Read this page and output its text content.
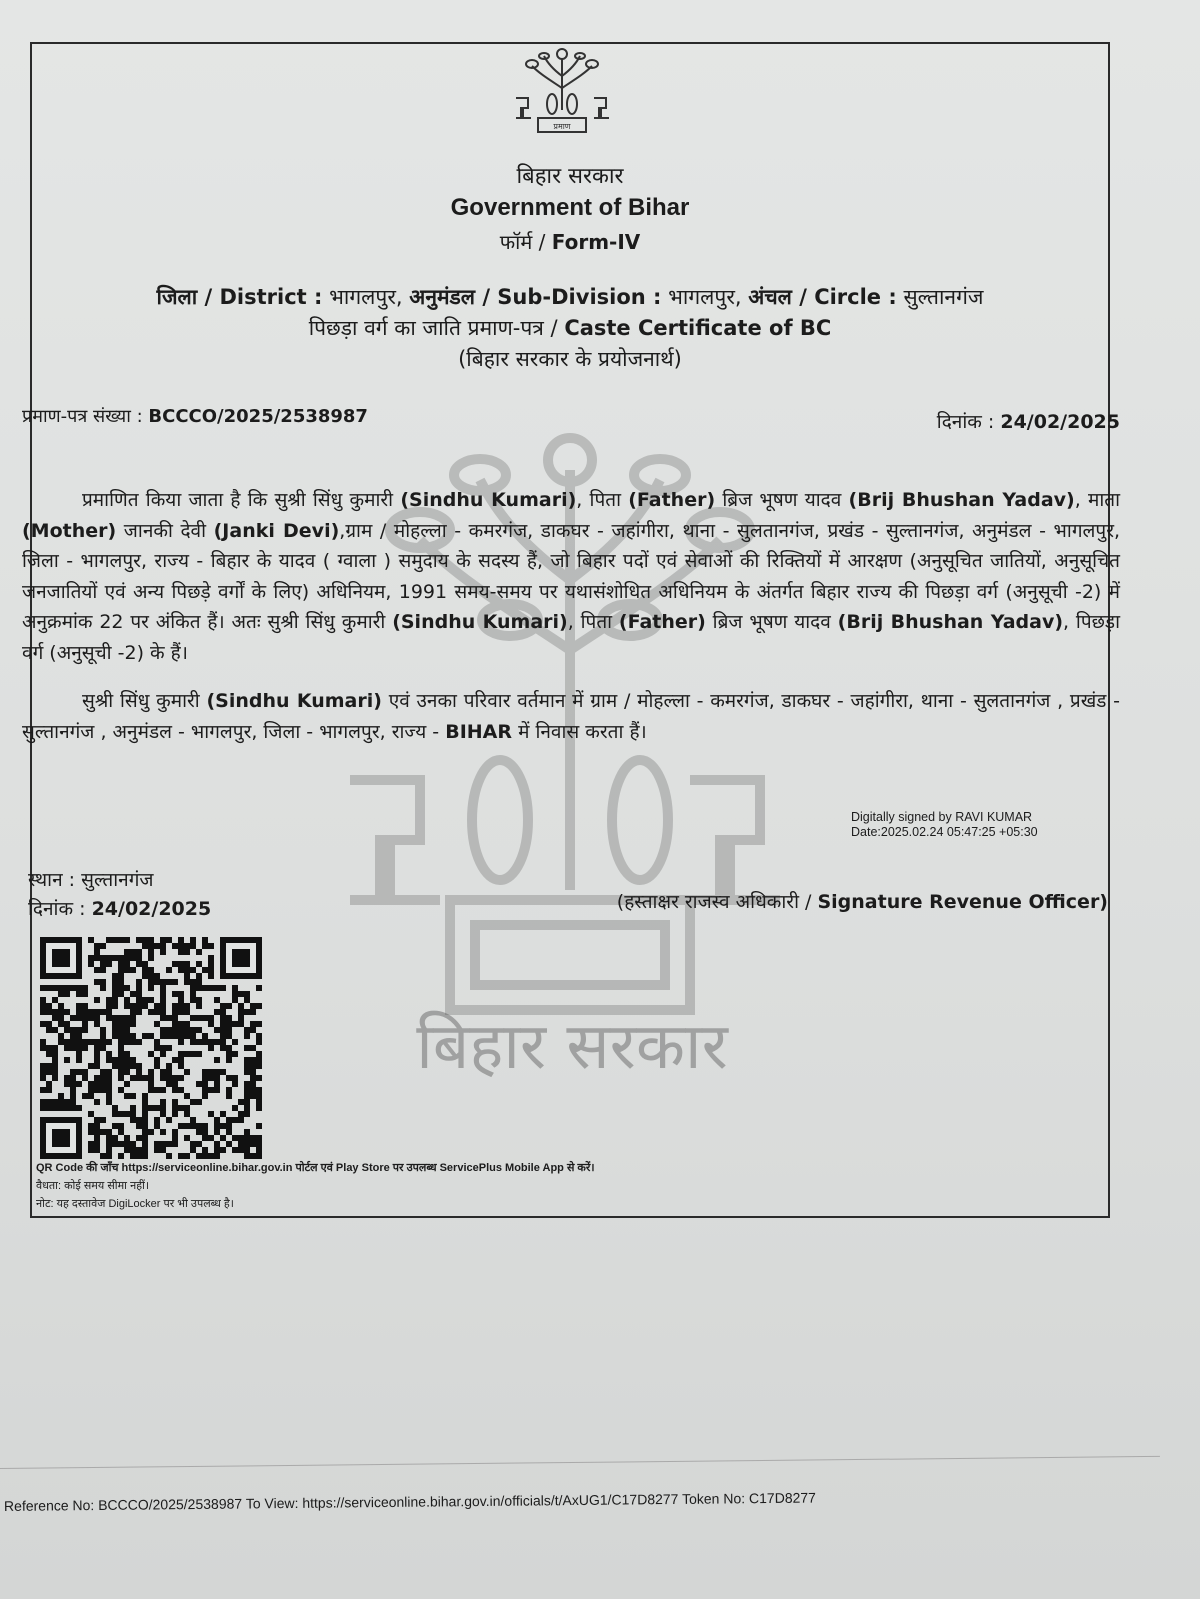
बिहार सरकार
प्रमाण
बिहार सरकार
Government of Bihar
फॉर्म / Form-IV
जिला / District : भागलपुर, अनुमंडल / Sub-Division : भागलपुर, अंचल / Circle : सुल्तानगंज
पिछड़ा वर्ग का जाति प्रमाण-पत्र / Caste Certificate of BC
(बिहार सरकार के प्रयोजनार्थ)
प्रमाण-पत्र संख्या : BCCCO/2025/2538987	दिनांक : 24/02/2025

प्रमाणित किया जाता है कि सुश्री सिंधु कुमारी (Sindhu Kumari), पिता (Father) ब्रिज भूषण यादव (Brij Bhushan Yadav), माता (Mother) जानकी देवी (Janki Devi),ग्राम / मोहल्ला - कमरगंज, डाकघर - जहांगीरा, थाना - सुलतानगंज, प्रखंड - सुल्तानगंज, अनुमंडल - भागलपुर, जिला - भागलपुर, राज्य - बिहार के यादव ( ग्वाला ) समुदाय के सदस्य हैं, जो बिहार पदों एवं सेवाओं की रिक्तियों में आरक्षण (अनुसूचित जातियों, अनुसूचित जनजातियों एवं अन्य पिछड़े वर्गों के लिए) अधिनियम, 1991 समय-समय पर यथासंशोधित अधिनियम के अंतर्गत बिहार राज्य की पिछड़ा वर्ग (अनुसूची -2) में अनुक्रमांक 22 पर अंकित हैं। अतः सुश्री सिंधु कुमारी (Sindhu Kumari), पिता (Father) ब्रिज भूषण यादव (Brij Bhushan Yadav), पिछड़ा वर्ग (अनुसूची -2) के हैं।

सुश्री सिंधु कुमारी (Sindhu Kumari) एवं उनका परिवार वर्तमान में ग्राम / मोहल्ला - कमरगंज, डाकघर - जहांगीरा, थाना - सुलतानगंज , प्रखंड - सुल्तानगंज , अनुमंडल - भागलपुर, जिला - भागलपुर, राज्य - BIHAR में निवास करता हैं।

Digitally signed by RAVI KUMAR
Date:2025.02.24 05:47:25 +05:30
स्थान : सुल्तानगंज
दिनांक : 24/02/2025	(हस्ताक्षर राजस्व अधिकारी / Signature Revenue Officer)
QR Code की जाँच https://serviceonline.bihar.gov.in पोर्टल एवं Play Store पर उपलब्ध ServicePlus Mobile App से करें।
वैधता: कोई समय सीमा नहीं।
नोट: यह दस्तावेज DigiLocker पर भी उपलब्ध है।
Reference No: BCCCO/2025/2538987 To View: https://serviceonline.bihar.gov.in/officials/t/AxUG1/C17D8277 Token No: C17D8277
